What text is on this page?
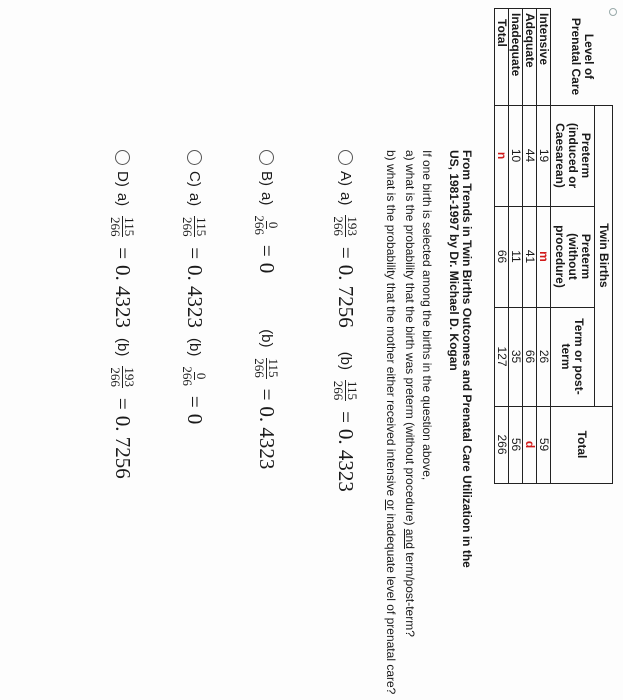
Level of Prenatal Care	Twin Births			Total
	Preterm (induced or Caesarean)	Preterm (without procedure)	Term or post-term	
Intensive	19	m	26	59
Adequate	44	41	66	d
Inadequate	10	11	35	56
Total	n	66	127	266
From Trends in Twin Births Outcomes and Prenatal Care Utilization in the US, 1981-1997 by Dr. Michael D. Kogan
If one birth is selected among the births in the question above,
a) what is the probability that the birth was preterm (without procedure) and term/post-term?
b) what is the probability that the mother either received intensive or inadequate level of prenatal care?
A)
a)
193
266
=
0. 7256
(b)
115
266
=
0. 4323
B)
a)
0
266
=
0
(b)
115
266
=
0. 4323
C)
a)
115
266
=
0. 4323
(b)
0
266
=
0
D)
a)
115
266
=
0. 4323
(b)
193
266
=
0. 7256
